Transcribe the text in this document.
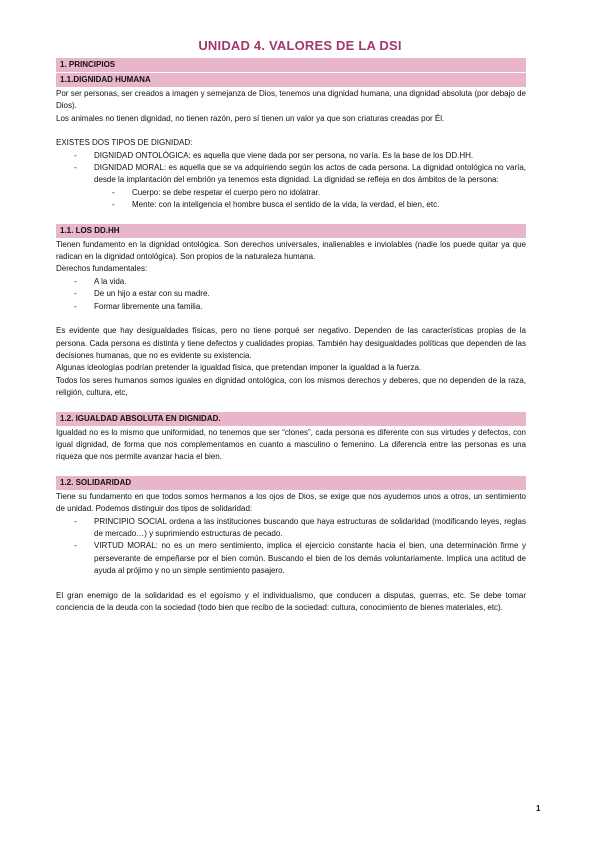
UNIDAD 4. VALORES DE LA DSI
1. PRINCIPIOS
1.1.DIGNIDAD HUMANA

Por ser personas, ser creados a imagen y semejanza de Dios, tenemos una dignidad humana, una dignidad absoluta (por debajo de Dios).

Los animales no tienen dignidad, no tienen razón, pero sí tienen un valor ya que son criaturas creadas por Él.

EXISTES DOS TIPOS DE DIGNIDAD:

- DIGNIDAD ONTOLÓGICA: es aquella que viene dada por ser persona, no varía. Es la base de los DD.HH.
- DIGNIDAD MORAL: es aquella que se va adquiriendo según los actos de cada persona. La dignidad ontológica no varía, desde la implantación del embrión ya tenemos esta dignidad. La dignidad se refleja en dos ámbitos de la persona:
- Cuerpo: se debe respetar el cuerpo pero no idolatrar.
- Mente: con la inteligencia el hombre busca el sentido de la vida, la verdad, el bien, etc.
1.1. LOS DD.HH

Tienen fundamento en la dignidad ontológica. Son derechos universales, inalienables e inviolables (nadie los puede quitar ya que radican en la dignidad ontológica). Son propios de la naturaleza humana.

Derechos fundamentales:

- A la vida.
- De un hijo a estar con su madre.
- Formar libremente una familia.

Es evidente que hay desigualdades físicas, pero no tiene porqué ser negativo. Dependen de las características propias de la persona. Cada persona es distinta y tiene defectos y cualidades propias. También hay desigualdades políticas que dependen de las decisiones humanas, que no es evidente su existencia.

Algunas ideologías podrían pretender la igualdad física, que pretendan imponer la igualdad a la fuerza.

Todos los seres humanos somos iguales en dignidad ontológica, con los mismos derechos y deberes, que no dependen de la raza, religión, cultura, etc,

1.2. IGUALDAD ABSOLUTA EN DIGNIDAD.

Igualdad no es lo mismo que uniformidad, no tenemos que ser “clones”, cada persona es diferente con sus virtudes y defectos, con igual dignidad, de forma que nos complementamos en cuanto a masculino o femenino. La diferencia entre las personas es una riqueza que nos permite avanzar hacia el bien.

1.2. SOLIDARIDAD

Tiene su fundamento en que todos somos hermanos a los ojos de Dios, se exige que nos ayudemos unos a otros, un sentimiento de unidad. Podemos distinguir dos tipos de solidaridad:

- PRINCIPIO SOCIAL ordena a las instituciones buscando que haya estructuras de solidaridad (modificando leyes, reglas de mercado…) y suprimiendo estructuras de pecado.
- VIRTUD MORAL: no es un mero sentimiento, implica el ejercicio constante hacia el bien, una determinación firme y perseverante de empeñarse por el bien común. Buscando el bien de los demás voluntariamente. Implica una actitud de ayuda al prójimo y no un simple sentimiento pasajero.

El gran enemigo de la solidaridad es el egoísmo y el individualismo, que conducen a disputas, guerras, etc. Se debe tomar conciencia de la deuda con la sociedad (todo bien que recibo de la sociedad: cultura, conocimiento de bienes materiales, etc).

1
